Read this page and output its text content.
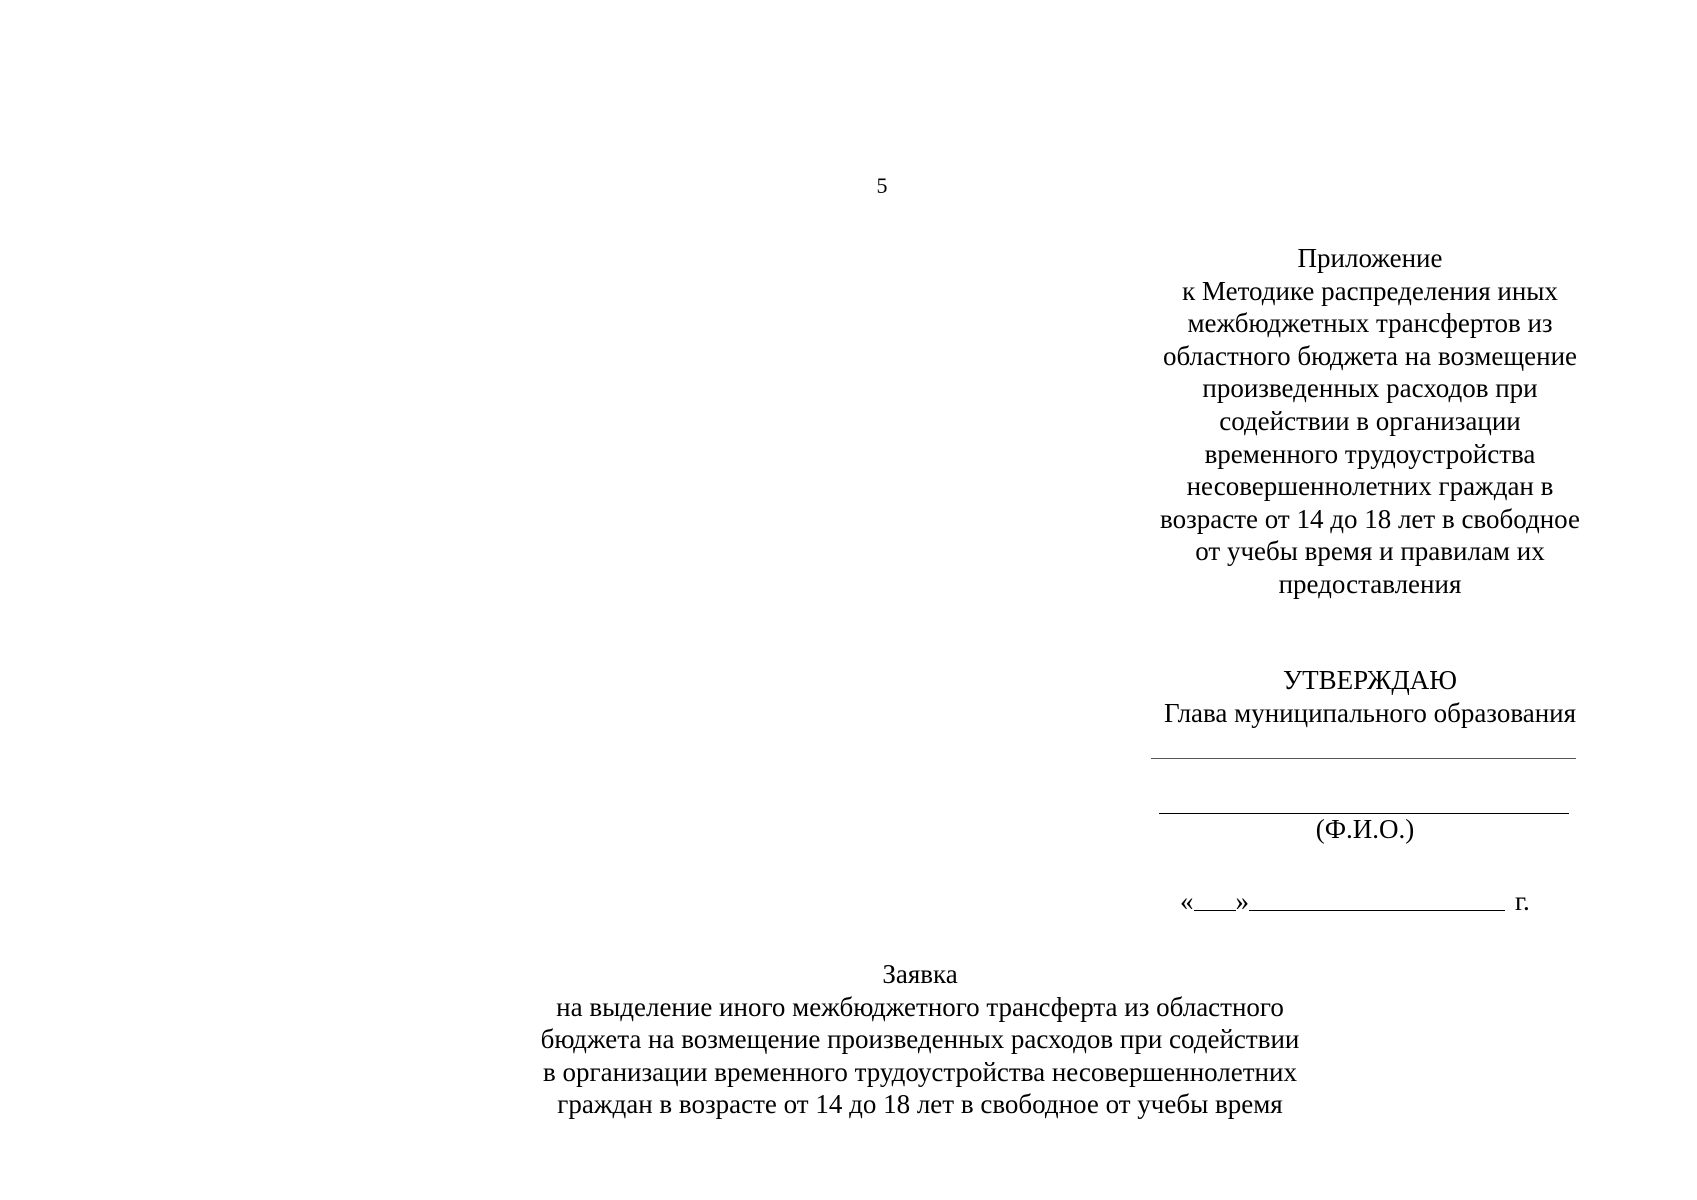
5
Приложение
к Методике распределения иных
межбюджетных трансфертов из
областного бюджета на возмещение
произведенных расходов при
содействии в организации
временного трудоустройства
несовершеннолетних граждан в
возрасте от 14 до 18 лет в свободное
от учебы время и правилам их
предоставления
УТВЕРЖДАЮ
Глава муниципального образования
(Ф.И.О.)
« »	г.
Заявка
на выделение иного межбюджетного трансферта из областного
бюджета на возмещение произведенных расходов при содействии
в организации временного трудоустройства несовершеннолетних
граждан в возрасте от 14 до 18 лет в свободное от учебы время
